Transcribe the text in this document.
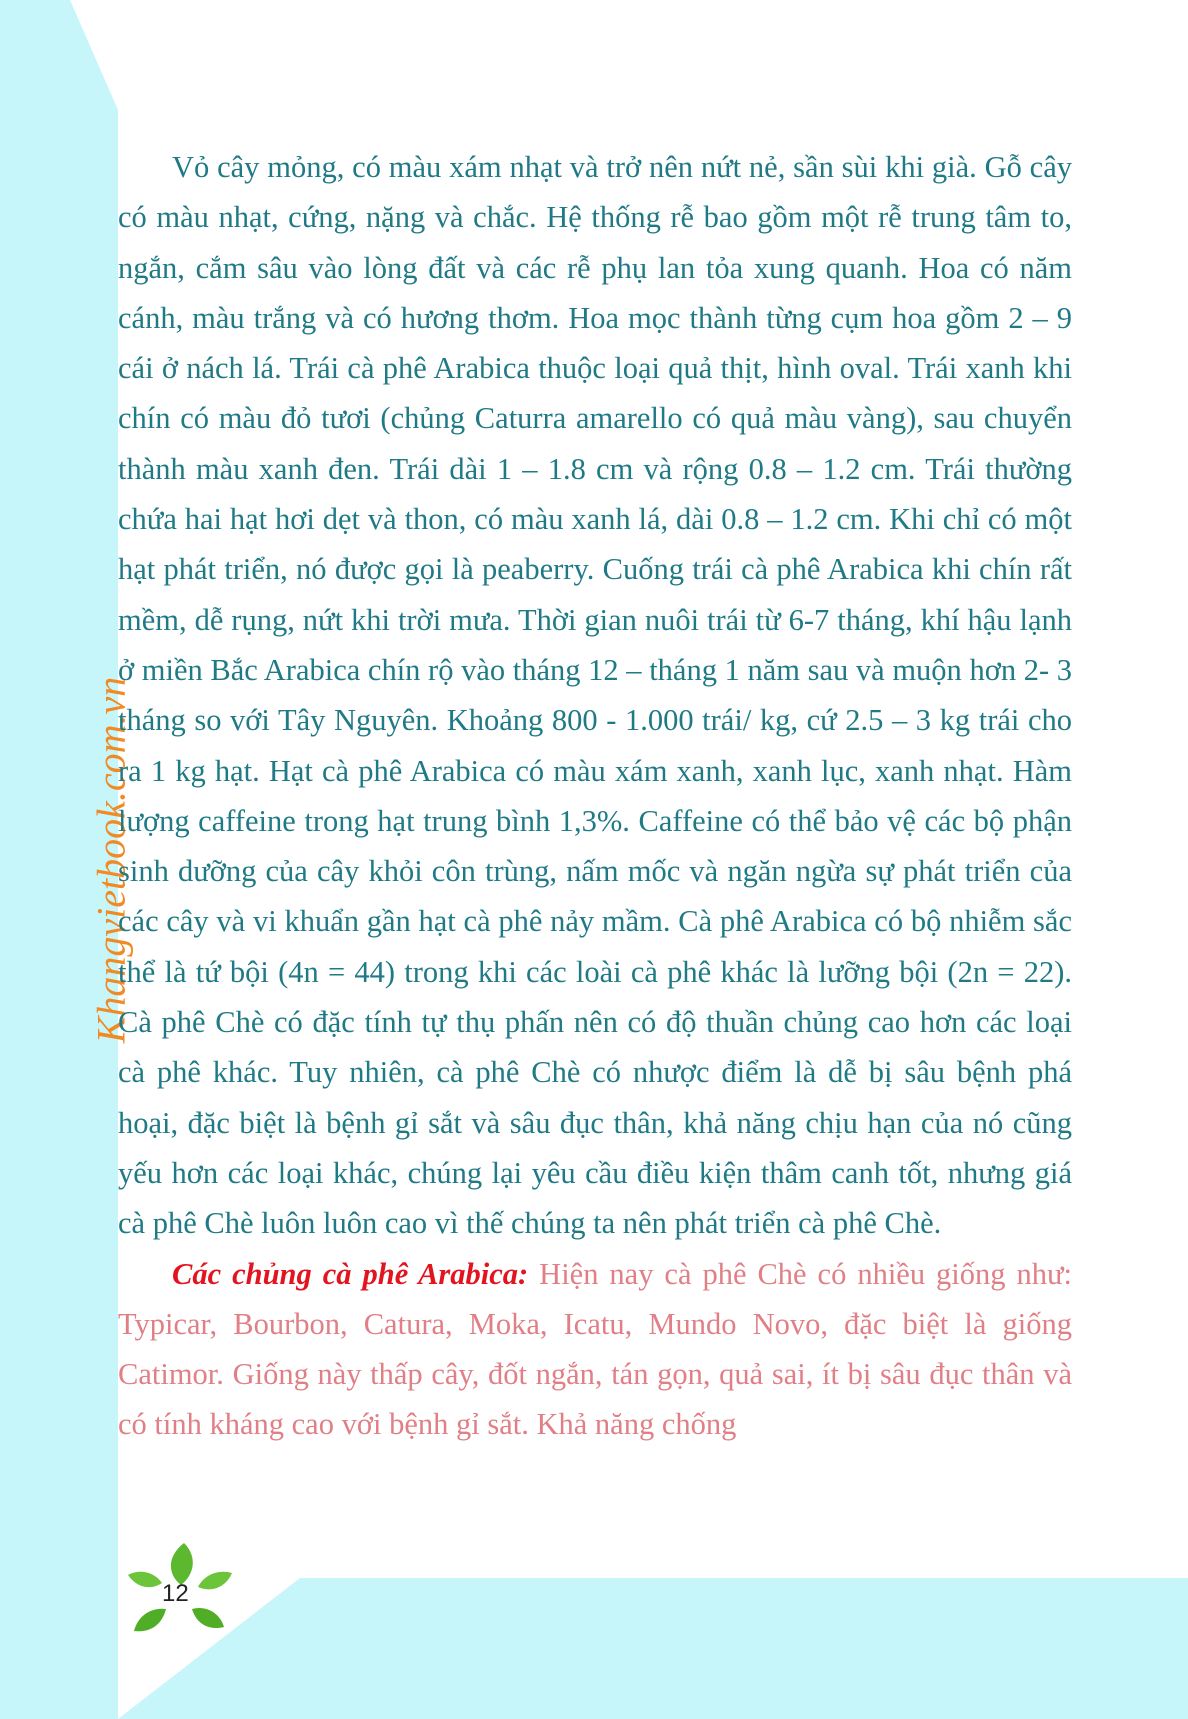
Khangvietbook.com.vn

Vỏ cây mỏng, có màu xám nhạt và trở nên nứt nẻ, sần sùi khi già. Gỗ cây có màu nhạt, cứng, nặng và chắc. Hệ thống rễ bao gồm một rễ trung tâm to, ngắn, cắm sâu vào lòng đất và các rễ phụ lan tỏa xung quanh. Hoa có năm cánh, màu trắng và có hương thơm. Hoa mọc thành từng cụm hoa gồm 2 – 9 cái ở nách lá. Trái cà phê Arabica thuộc loại quả thịt, hình oval. Trái xanh khi chín có màu đỏ tươi (chủng Caturra amarello có quả màu vàng), sau chuyển thành màu xanh đen. Trái dài 1 – 1.8 cm và rộng 0.8 – 1.2 cm. Trái thường chứa hai hạt hơi dẹt và thon, có màu xanh lá, dài 0.8 – 1.2 cm. Khi chỉ có một hạt phát triển, nó được gọi là peaberry. Cuống trái cà phê Arabica khi chín rất mềm, dễ rụng, nứt khi trời mưa. Thời gian nuôi trái từ 6-7 tháng, khí hậu lạnh ở miền Bắc Arabica chín rộ vào tháng 12 – tháng 1 năm sau và muộn hơn 2- 3 tháng so với Tây Nguyên. Khoảng 800 - 1.000 trái/ kg, cứ 2.5 – 3 kg trái cho ra 1 kg hạt. Hạt cà phê Arabica có màu xám xanh, xanh lục, xanh nhạt. Hàm lượng caffeine trong hạt trung bình 1,3%. Caffeine có thể bảo vệ các bộ phận sinh dưỡng của cây khỏi côn trùng, nấm mốc và ngăn ngừa sự phát triển của các cây và vi khuẩn gần hạt cà phê nảy mầm. Cà phê Arabica có bộ nhiễm sắc thể là tứ bội (4n = 44) trong khi các loài cà phê khác là lưỡng bội (2n = 22). Cà phê Chè có đặc tính tự thụ phấn nên có độ thuần chủng cao hơn các loại cà phê khác. Tuy nhiên, cà phê Chè có nhược điểm là dễ bị sâu bệnh phá hoại, đặc biệt là bệnh gỉ sắt và sâu đục thân, khả năng chịu hạn của nó cũng yếu hơn các loại khác, chúng lại yêu cầu điều kiện thâm canh tốt, nhưng giá cà phê Chè luôn luôn cao vì thế chúng ta nên phát triển cà phê Chè.

Các chủng cà phê Arabica: Hiện nay cà phê Chè có nhiều giống như: Typicar, Bourbon, Catura, Moka, Icatu, Mundo Novo, đặc biệt là giống Catimor. Giống này thấp cây, đốt ngắn, tán gọn, quả sai, ít bị sâu đục thân và có tính kháng cao với bệnh gỉ sắt. Khả năng chống

12
